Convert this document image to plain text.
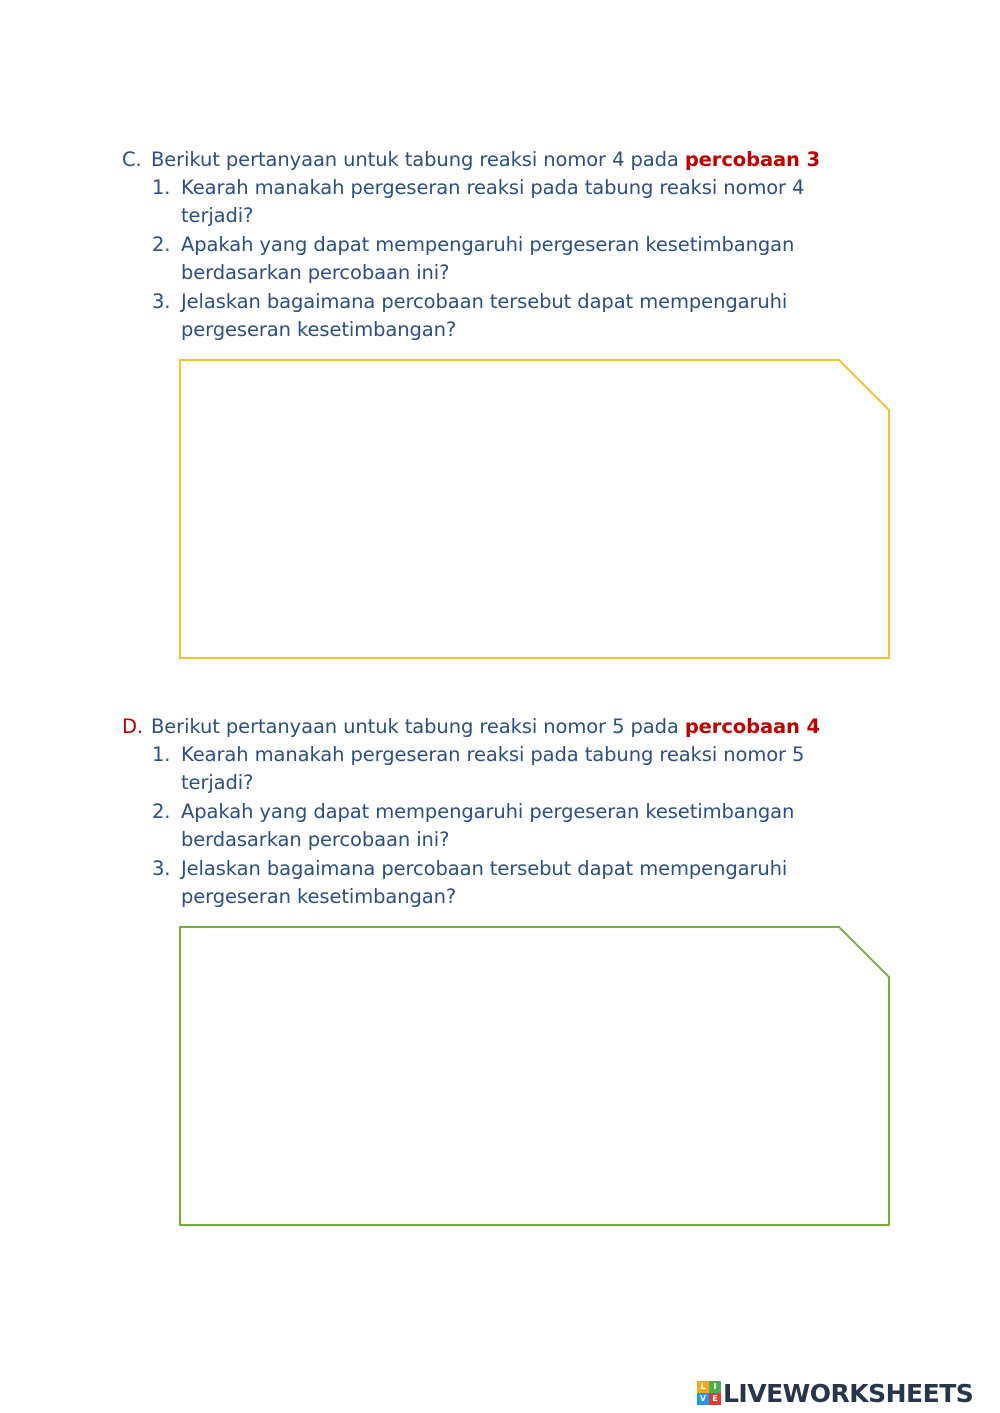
C. Berikut pertanyaan untuk tabung reaksi nomor 4 pada percobaan 3
1. Kearah manakah pergeseran reaksi pada tabung reaksi nomor 4 terjadi?
2. Apakah yang dapat mempengaruhi pergeseran kesetimbangan berdasarkan percobaan ini?
3. Jelaskan bagaimana percobaan tersebut dapat mempengaruhi pergeseran kesetimbangan?
D. Berikut pertanyaan untuk tabung reaksi nomor 5 pada percobaan 4
1. Kearah manakah pergeseran reaksi pada tabung reaksi nomor 5 terjadi?
2. Apakah yang dapat mempengaruhi pergeseran kesetimbangan berdasarkan percobaan ini?
3. Jelaskan bagaimana percobaan tersebut dapat mempengaruhi pergeseran kesetimbangan?
L I
V E LIVEWORKSHEETS
